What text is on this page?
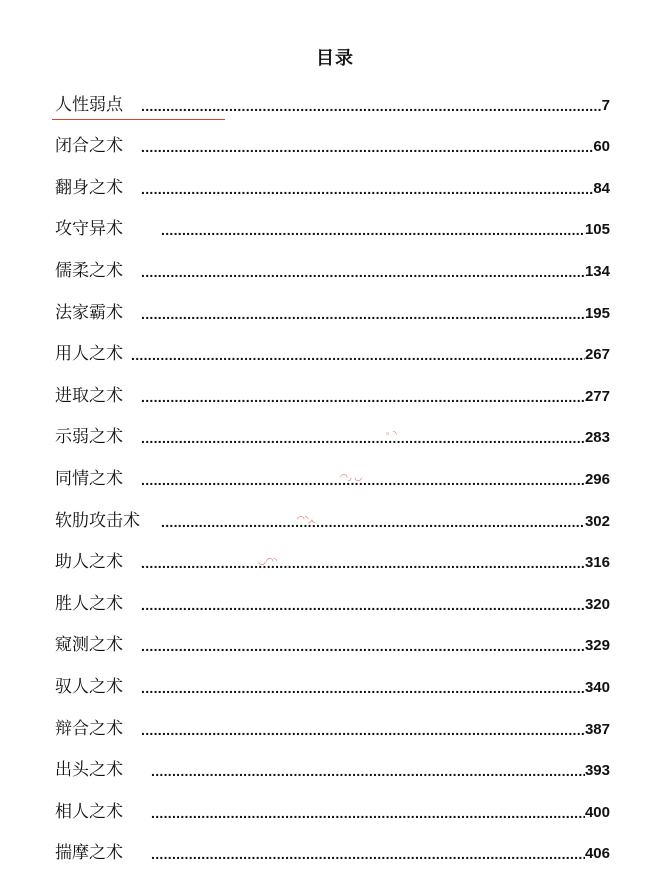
目录
人性弱点 .....	7
闭合之术 .....	60
翻身之术 .....	84
攻守异术 .....	105
儒柔之术 .....	134
法家霸术 .....	195
用人之术 .....	267
进取之术 .....	277
示弱之术 .....	283
同情之术 .....	296
软肋攻击术 .....	302
助人之术 .....	316
胜人之术 .....	320
窥测之术 .....	329
驭人之术 .....	340
辩合之术 .....	387
出头之术 .....	393
相人之术 .....	400
揣摩之术 .....	406
◦ ◝
◠◞ ◡
◠◝◞◟
◡◠◝
